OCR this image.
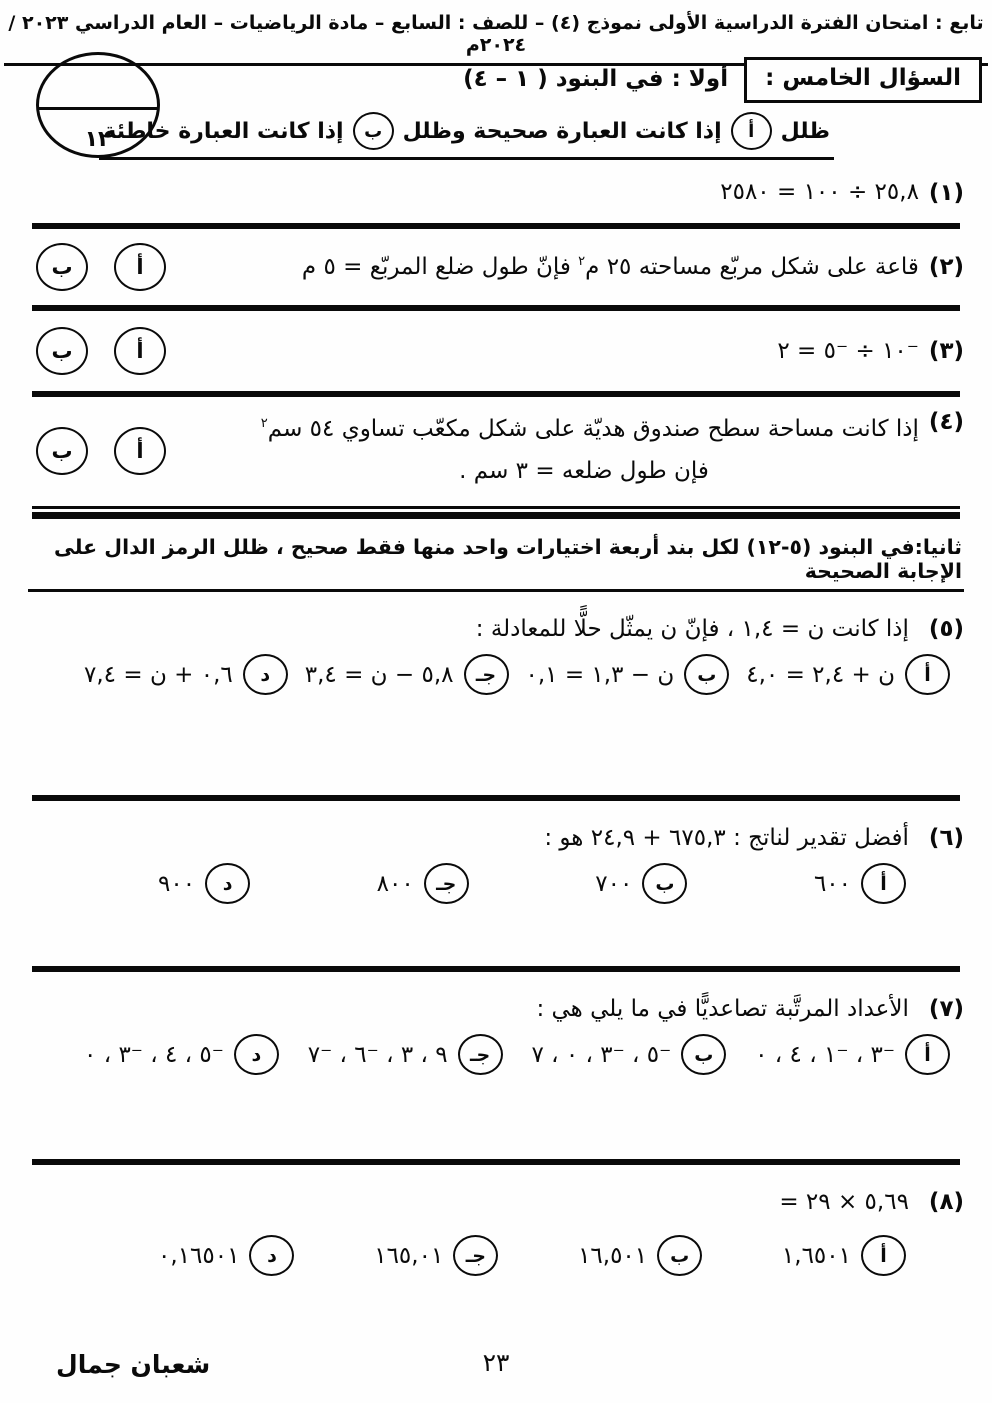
تابع : امتحان الفترة الدراسية الأولى نموذج (٤) – للصف : السابع – مادة الرياضيات – العام الدراسي ٢٠٢٣ / ٢٠٢٤م
السؤال الخامس :
أولا : في البنود ( ١ – ٤)
١٢	ظلل
أ
إذا كانت العبارة صحيحة وظلل
ب
إذا كانت العبارة خاطئة
(١)
٢٥,٨ ÷ ١٠٠ = ٢٥٨٠
(٢)
قاعة على شكل مربّع مساحته ٢٥ م$^٢$ فإنّ طول ضلع المربّع = ٥ م
أ
ب
(٣)
⁻١٠ ÷ ⁻٥ = ٢
أ
ب
(٤)
إذا كانت مساحة سطح صندوق هديّة على شكل مكعّب تساوي ٥٤ سم$^٢$
فإن طول ضلعه = ٣ سم .
أ
ب
ثانيا:في البنود (٥-١٢) لكل بند أربعة اختيارات واحد منها فقط صحيح ، ظلل الرمز الدال على الإجابة الصحيحة
(٥)
إذا كانت ن = ١,٤ ، فإنّ ن يمثّل حلًّا للمعادلة :
أ
ن + ٢,٤ = ٤,٠
ب
ن − ١,٣ = ٠,١
جـ
٥,٨ − ن = ٣,٤
د
٠,٦ + ن = ٧,٤
(٦)
أفضل تقدير لناتج : ٦٧٥,٣ + ٢٤,٩ هو :
أ
٦٠٠
ب
٧٠٠
جـ
٨٠٠
د
٩٠٠
(٧)
الأعداد المرتَّبة تصاعديًّا في ما يلي هي :
أ
⁻٣ ، ⁻١ ، ٤ ، ٠
ب
⁻٥ ، ⁻٣ ، ٠ ، ٧
جـ
٩ ، ٣ ، ⁻٦ ، ⁻٧
د
⁻٥ ، ٤ ، ⁻٣ ، ٠
(٨)
٥,٦٩ × ٢٩ =
أ
١,٦٥٠١
ب
١٦,٥٠١
جـ
١٦٥,٠١
د
٠,١٦٥٠١
٢٣
شعبان جمال
